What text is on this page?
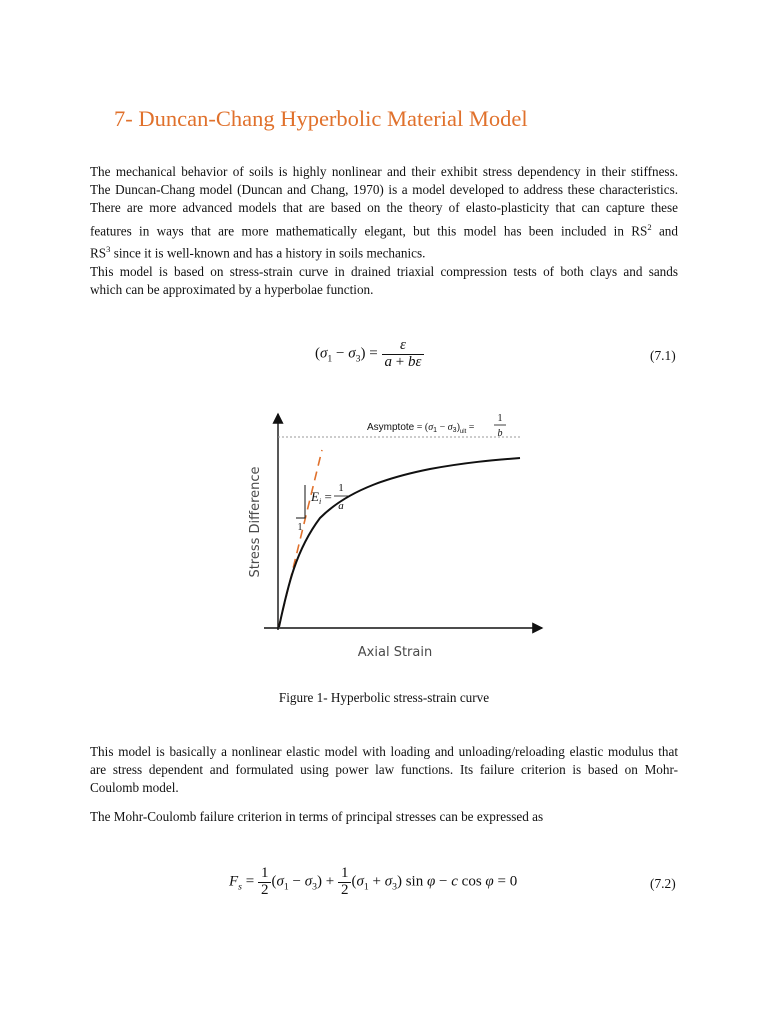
7- Duncan-Chang Hyperbolic Material Model
The mechanical behavior of soils is highly nonlinear and their exhibit stress dependency in their stiffness.
The Duncan-Chang model (Duncan and Chang, 1970) is a model developed to address these characteristics.
There are more advanced models that are based on the theory of elasto-plasticity that can capture these
features in ways that are more mathematically elegant, but this model has been included in $RS^2$ and
$RS^3$ since it is well-known and has a history in soils mechanics.
This model is based on stress-strain curve in drained triaxial compression tests of both clays and sands
which can be approximated by a hyperbolae function.
$(\sigma_1 - \sigma_3) = \frac{\varepsilon}{a + b\varepsilon}$	(7.1)
1
$E_i$ =
1
a
Asymptote = $(\sigma_1 - \sigma_3)_{ult}$ =
1
b
Stress Difference
Axial Strain
Figure 1- Hyperbolic stress-strain curve
This model is basically a nonlinear elastic model with loading and unloading/reloading elastic modulus that
are stress dependent and formulated using power law functions. Its failure criterion is based on Mohr-
Coulomb model.
The Mohr-Coulomb failure criterion in terms of principal stresses can be expressed as
$F_s = \frac{1}{2} (\sigma_1 - \sigma_3) + \frac{1}{2} (\sigma_1 + \sigma_3)$ sin φ − c cos φ = 0	(7.2)
